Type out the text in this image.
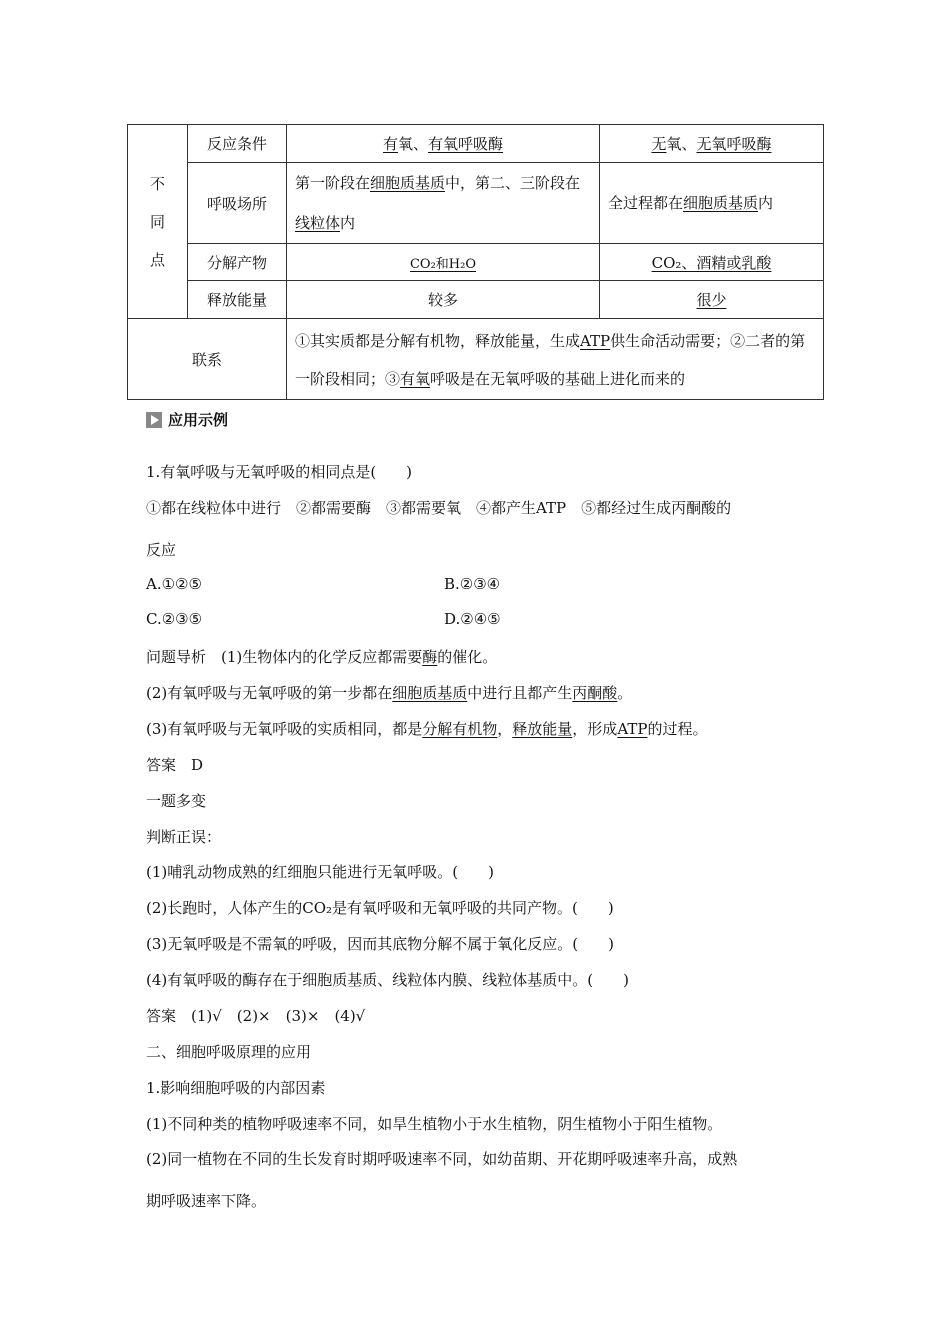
不
同
点	反应条件	有氧、有氧呼吸酶	无氧、无氧呼吸酶
	呼吸场所	第一阶段在细胞质基质中，第二、三阶段在线粒体内	全过程都在细胞质基质内
	分解产物	CO₂和H₂O	CO₂、酒精或乳酸
	释放能量	较多	很少
联系		①其实质都是分解有机物，释放能量，生成ATP供生命活动需要；②二者的第一阶段相同；③有氧呼吸是在无氧呼吸的基础上进化而来的	
应用示例
1.有氧呼吸与无氧呼吸的相同点是(　　)
①都在线粒体中进行　②都需要酶　③都需要氧　④都产生ATP　⑤都经过生成丙酮酸的
反应
A.①②⑤	B.②③④
C.②③⑤	D.②④⑤
问题导析　(1)生物体内的化学反应都需要酶的催化。
(2)有氧呼吸与无氧呼吸的第一步都在细胞质基质中进行且都产生丙酮酸。
(3)有氧呼吸与无氧呼吸的实质相同，都是分解有机物，释放能量，形成ATP的过程。
答案　D
一题多变
判断正误：
(1)哺乳动物成熟的红细胞只能进行无氧呼吸。(　　)
(2)长跑时，人体产生的CO₂是有氧呼吸和无氧呼吸的共同产物。(　　)
(3)无氧呼吸是不需氧的呼吸，因而其底物分解不属于氧化反应。(　　)
(4)有氧呼吸的酶存在于细胞质基质、线粒体内膜、线粒体基质中。(　　)
答案　(1)√　(2)×　(3)×　(4)√
二、细胞呼吸原理的应用
1.影响细胞呼吸的内部因素
(1)不同种类的植物呼吸速率不同，如旱生植物小于水生植物，阴生植物小于阳生植物。
(2)同一植物在不同的生长发育时期呼吸速率不同，如幼苗期、开花期呼吸速率升高，成熟
期呼吸速率下降。
